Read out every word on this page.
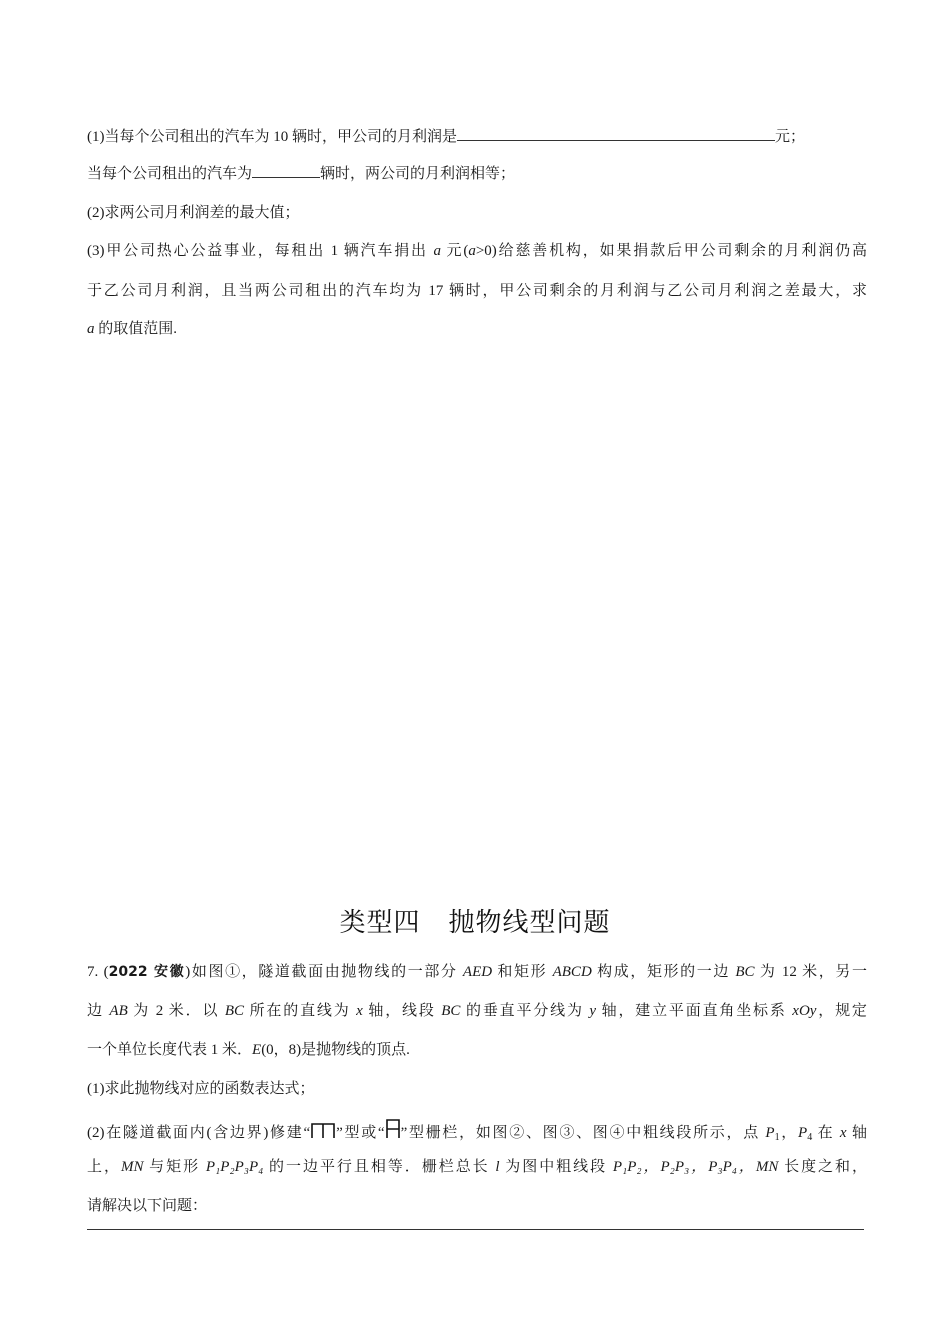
(1)当每个公司租出的汽车为 10 辆时，甲公司的月利润是	元；
当每个公司租出的汽车为	辆时，两公司的月利润相等；
(2)求两公司月利润差的最大值；
(3)甲公司热心公益事业，每租出 1 辆汽车捐出 a 元(a>0)给慈善机构，如果捐款后甲公司剩余的月利润仍高
于乙公司月利润，且当两公司租出的汽车均为 17 辆时，甲公司剩余的月利润与乙公司月利润之差最大，求
a 的取值范围.
类型四 抛物线型问题
7. (2022 安徽)如图①，隧道截面由抛物线的一部分 AED 和矩形 ABCD 构成，矩形的一边 BC 为 12 米，另一
边 AB 为 2 米．以 BC 所在的直线为 x 轴，线段 BC 的垂直平分线为 y 轴，建立平面直角坐标系 xOy，规定
一个单位长度代表 1 米．E(0，8)是抛物线的顶点.
(1)求此抛物线对应的函数表达式；
(2)在隧道截面内(含边界)修建“ ”型或“ ”型栅栏，如图②、图③、图④中粗线段所示，点 $P_1$，$P_4$ 在 x 轴
上，MN 与矩形 P₁P₂P₃P₄ 的一边平行且相等．栅栏总长 l 为图中粗线段 P₁P₂，P₂P₃，P₃P₄，MN 长度之和，
请解决以下问题：
